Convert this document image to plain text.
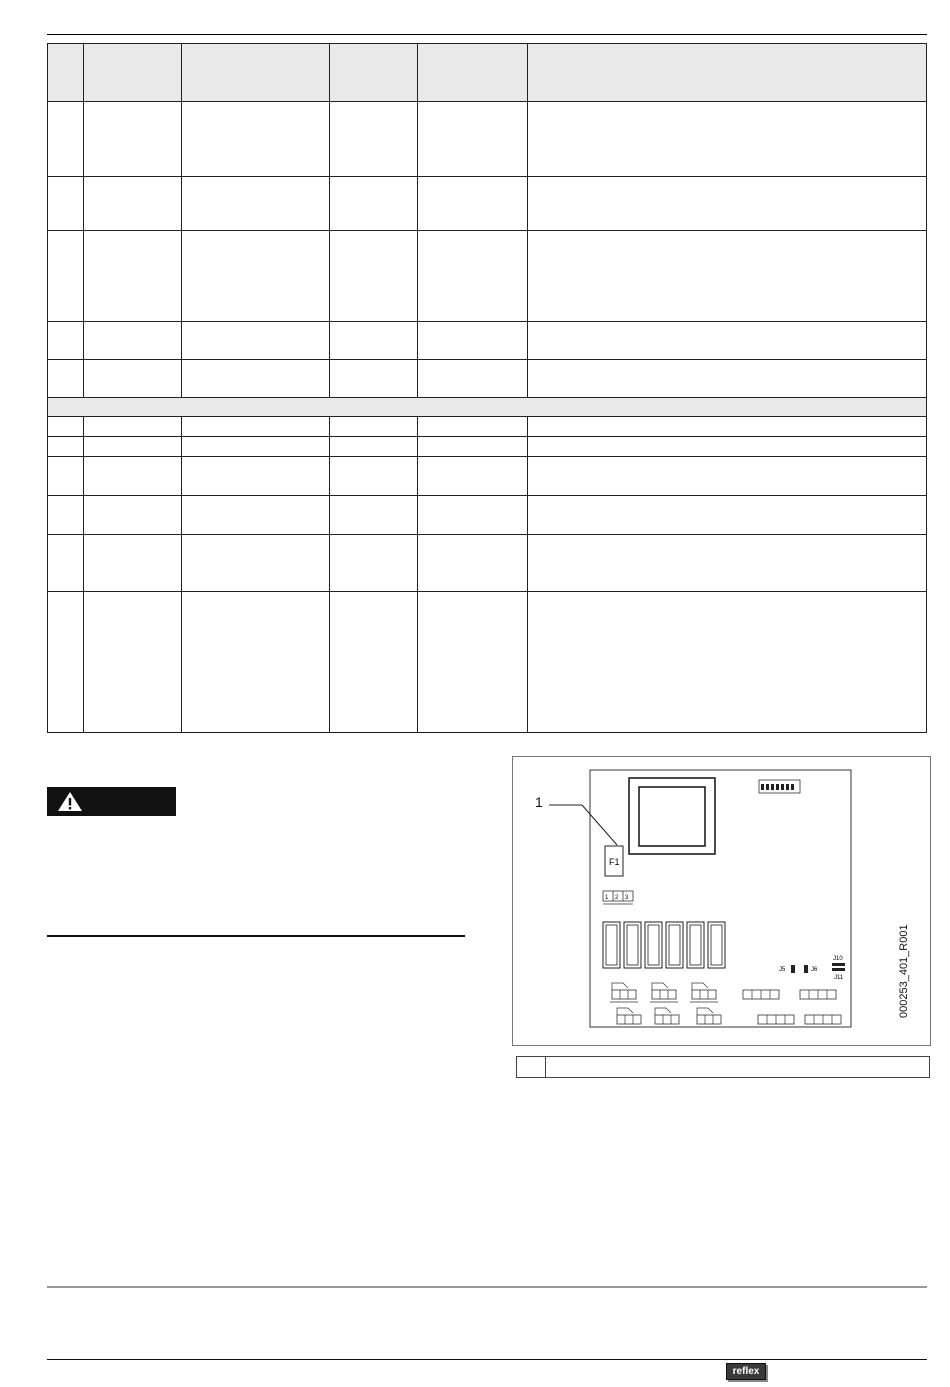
F1
1 2 3
J5	J6
J10
J11
1
000253_401_R001
reflex
